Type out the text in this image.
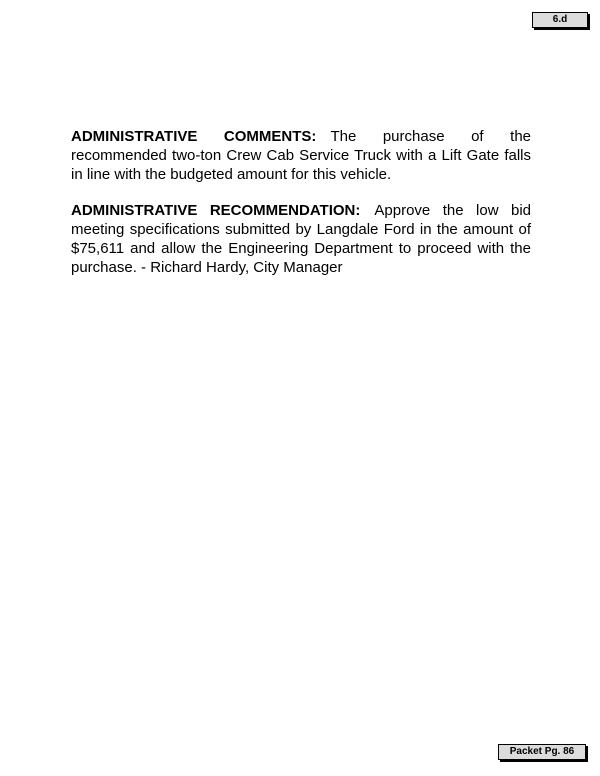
6.d

ADMINISTRATIVE COMMENTS: The purchase of the recommended two-ton Crew Cab Service Truck with a Lift Gate falls in line with the budgeted amount for this vehicle.

ADMINISTRATIVE RECOMMENDATION: Approve the low bid meeting specifications submitted by Langdale Ford in the amount of $75,611 and allow the Engineering Department to proceed with the purchase. - Richard Hardy, City Manager

Packet Pg. 86
